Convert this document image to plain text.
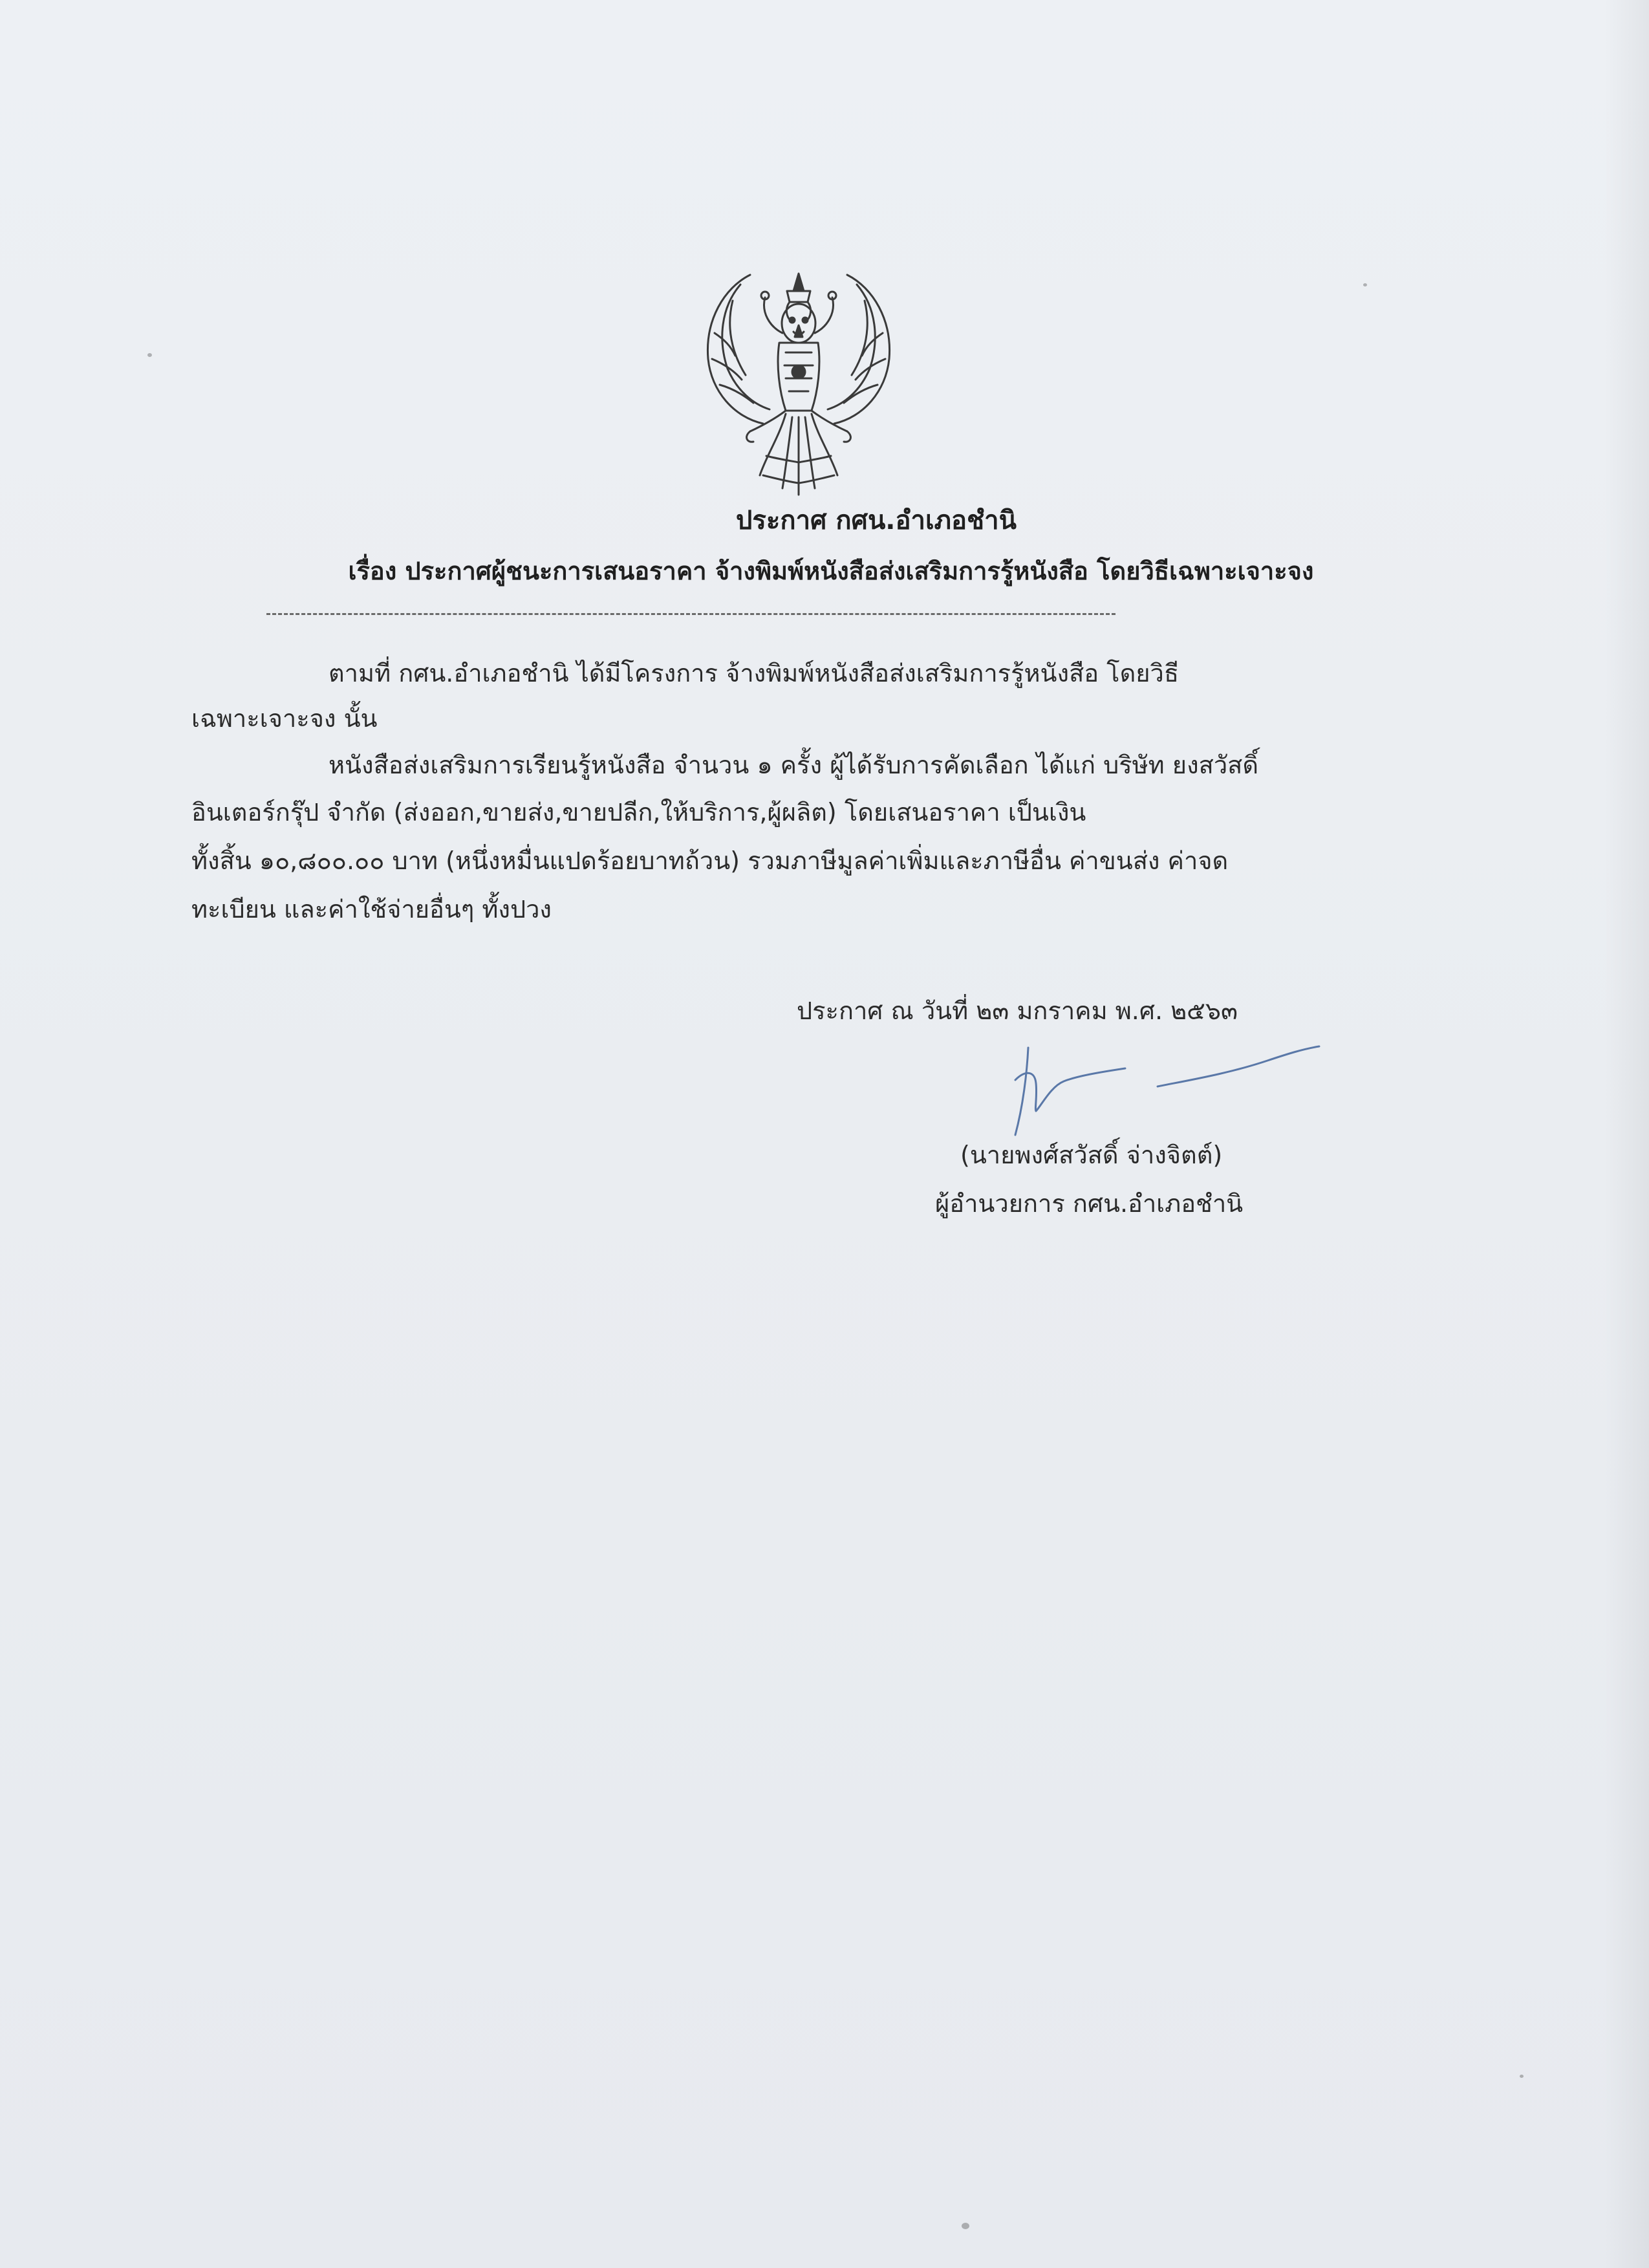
ประกาศ กศน.อำเภอชำนิ
เรื่อง ประกาศผู้ชนะการเสนอราคา จ้างพิมพ์หนังสือส่งเสริมการรู้หนังสือ โดยวิธีเฉพาะเจาะจง
ตามที่ กศน.อำเภอชำนิ ได้มีโครงการ จ้างพิมพ์หนังสือส่งเสริมการรู้หนังสือ โดยวิธี
เฉพาะเจาะจง นั้น
หนังสือส่งเสริมการเรียนรู้หนังสือ จำนวน ๑ ครั้ง ผู้ได้รับการคัดเลือก ได้แก่ บริษัท ยงสวัสดิ์
อินเตอร์กรุ๊ป จำกัด (ส่งออก,ขายส่ง,ขายปลีก,ให้บริการ,ผู้ผลิต) โดยเสนอราคา เป็นเงิน
ทั้งสิ้น ๑๐,๘๐๐.๐๐ บาท (หนึ่งหมื่นแปดร้อยบาทถ้วน) รวมภาษีมูลค่าเพิ่มและภาษีอื่น ค่าขนส่ง ค่าจด
ทะเบียน และค่าใช้จ่ายอื่นๆ ทั้งปวง
ประกาศ ณ วันที่ ๒๓ มกราคม พ.ศ. ๒๕๖๓
(นายพงศ์สวัสดิ์ จ่างจิตต์)
ผู้อำนวยการ กศน.อำเภอชำนิ
